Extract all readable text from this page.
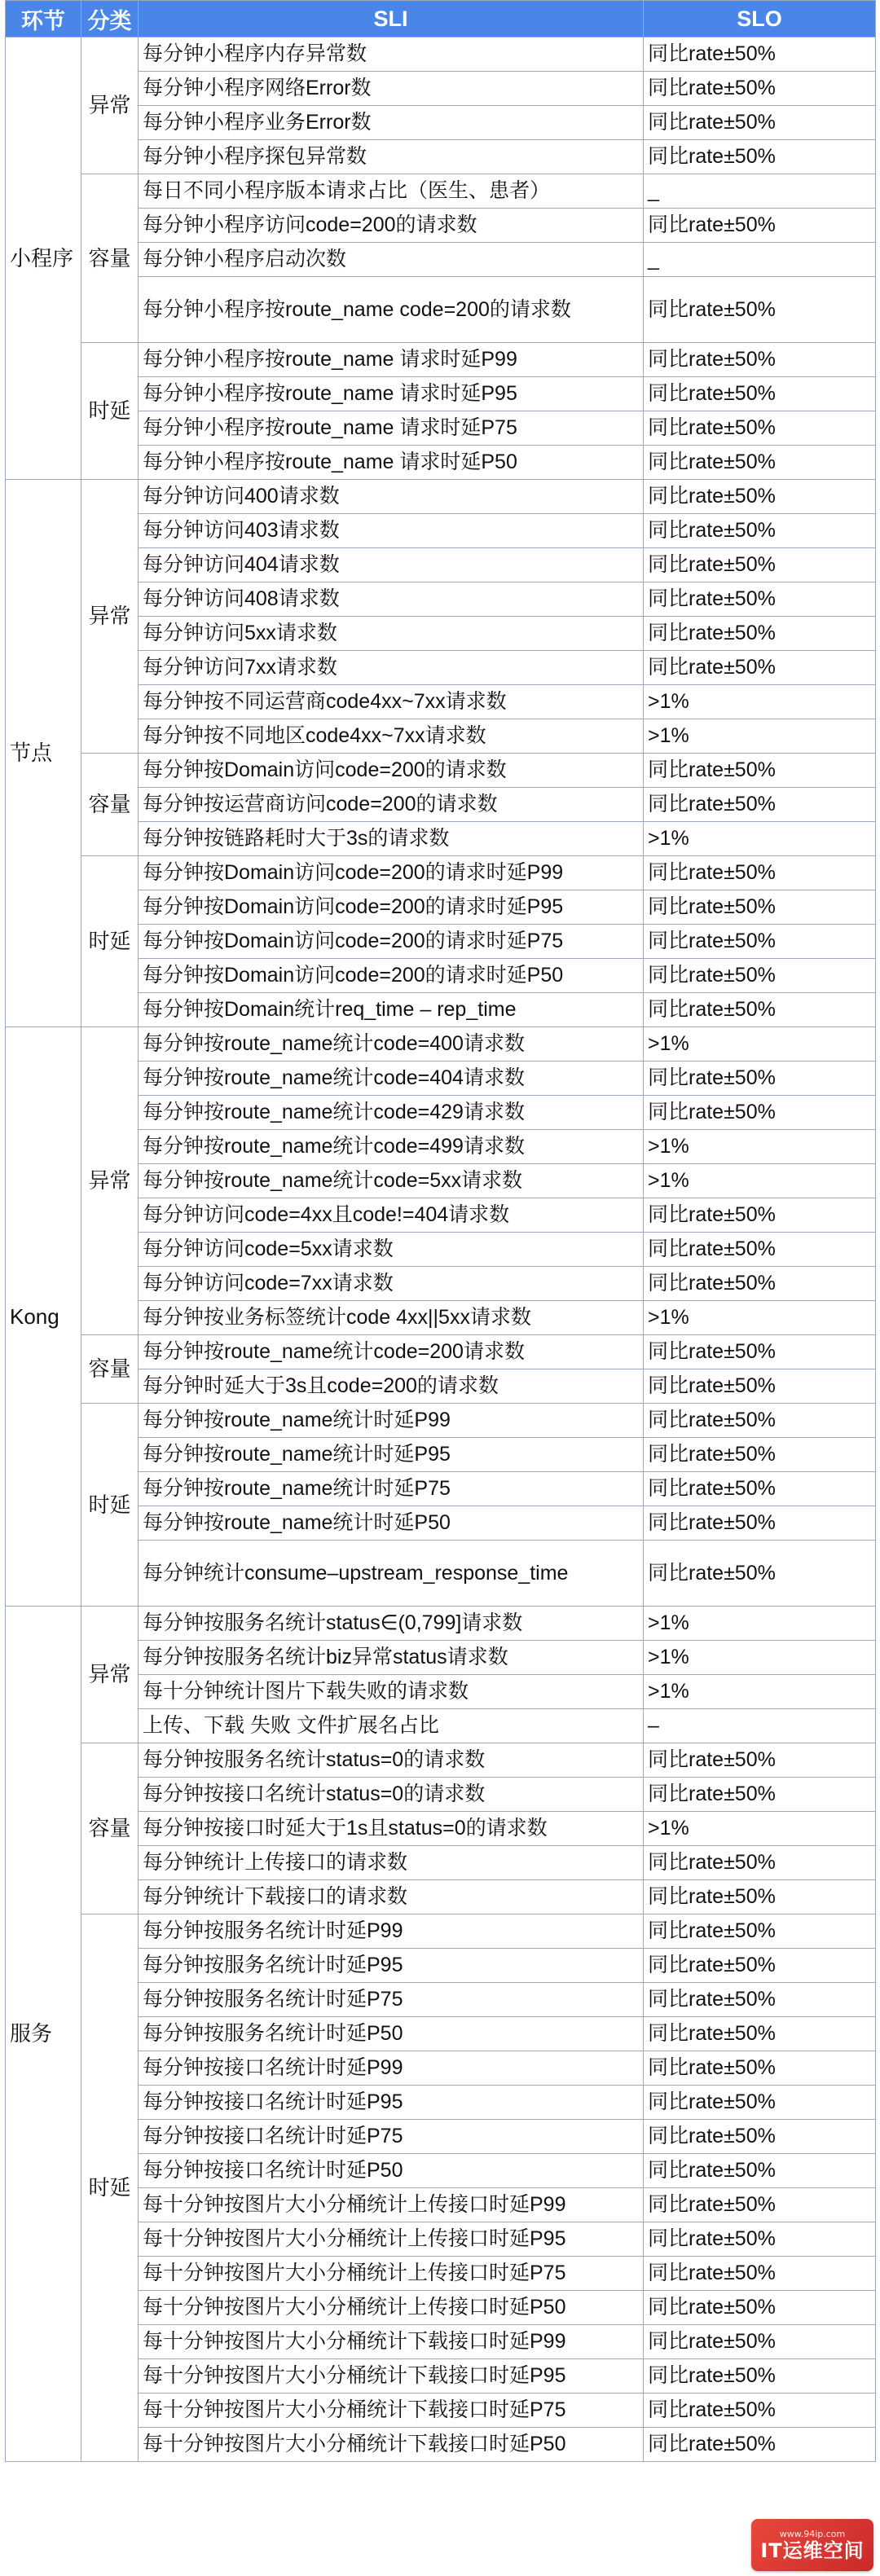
环节	分类	SLI	SLO
小程序	异常	每分钟小程序内存异常数	同比rate±50%
		每分钟小程序网络Error数	同比rate±50%
		每分钟小程序业务Error数	同比rate±50%
		每分钟小程序探包异常数	同比rate±50%
	容量	每日不同小程序版本请求占比（医生、患者）	_
		每分钟小程序访问code=200的请求数	同比rate±50%
		每分钟小程序启动次数	_
		每分钟小程序按route_name code=200的请求数	同比rate±50%
	时延	每分钟小程序按route_name 请求时延P99	同比rate±50%
		每分钟小程序按route_name 请求时延P95	同比rate±50%
		每分钟小程序按route_name 请求时延P75	同比rate±50%
		每分钟小程序按route_name 请求时延P50	同比rate±50%
节点	异常	每分钟访问400请求数	同比rate±50%
		每分钟访问403请求数	同比rate±50%
		每分钟访问404请求数	同比rate±50%
		每分钟访问408请求数	同比rate±50%
		每分钟访问5xx请求数	同比rate±50%
		每分钟访问7xx请求数	同比rate±50%
		每分钟按不同运营商code4xx~7xx请求数	>1%
		每分钟按不同地区code4xx~7xx请求数	>1%
	容量	每分钟按Domain访问code=200的请求数	同比rate±50%
		每分钟按运营商访问code=200的请求数	同比rate±50%
		每分钟按链路耗时大于3s的请求数	>1%
	时延	每分钟按Domain访问code=200的请求时延P99	同比rate±50%
		每分钟按Domain访问code=200的请求时延P95	同比rate±50%
		每分钟按Domain访问code=200的请求时延P75	同比rate±50%
		每分钟按Domain访问code=200的请求时延P50	同比rate±50%
		每分钟按Domain统计req_time – rep_time	同比rate±50%
Kong	异常	每分钟按route_name统计code=400请求数	>1%
		每分钟按route_name统计code=404请求数	同比rate±50%
		每分钟按route_name统计code=429请求数	同比rate±50%
		每分钟按route_name统计code=499请求数	>1%
		每分钟按route_name统计code=5xx请求数	>1%
		每分钟访问code=4xx且code!=404请求数	同比rate±50%
		每分钟访问code=5xx请求数	同比rate±50%
		每分钟访问code=7xx请求数	同比rate±50%
		每分钟按业务标签统计code 4xx||5xx请求数	>1%
	容量	每分钟按route_name统计code=200请求数	同比rate±50%
		每分钟时延大于3s且code=200的请求数	同比rate±50%
	时延	每分钟按route_name统计时延P99	同比rate±50%
		每分钟按route_name统计时延P95	同比rate±50%
		每分钟按route_name统计时延P75	同比rate±50%
		每分钟按route_name统计时延P50	同比rate±50%
		每分钟统计consume–upstream_response_time	同比rate±50%
服务	异常	每分钟按服务名统计status∈(0,799]请求数	>1%
		每分钟按服务名统计biz异常status请求数	>1%
		每十分钟统计图片下载失败的请求数	>1%
		上传、下载 失败 文件扩展名占比	–
	容量	每分钟按服务名统计status=0的请求数	同比rate±50%
		每分钟按接口名统计status=0的请求数	同比rate±50%
		每分钟按接口时延大于1s且status=0的请求数	>1%
		每分钟统计上传接口的请求数	同比rate±50%
		每分钟统计下载接口的请求数	同比rate±50%
	时延	每分钟按服务名统计时延P99	同比rate±50%
		每分钟按服务名统计时延P95	同比rate±50%
		每分钟按服务名统计时延P75	同比rate±50%
		每分钟按服务名统计时延P50	同比rate±50%
		每分钟按接口名统计时延P99	同比rate±50%
		每分钟按接口名统计时延P95	同比rate±50%
		每分钟按接口名统计时延P75	同比rate±50%
		每分钟按接口名统计时延P50	同比rate±50%
		每十分钟按图片大小分桶统计上传接口时延P99	同比rate±50%
		每十分钟按图片大小分桶统计上传接口时延P95	同比rate±50%
		每十分钟按图片大小分桶统计上传接口时延P75	同比rate±50%
		每十分钟按图片大小分桶统计上传接口时延P50	同比rate±50%
		每十分钟按图片大小分桶统计下载接口时延P99	同比rate±50%
		每十分钟按图片大小分桶统计下载接口时延P95	同比rate±50%
		每十分钟按图片大小分桶统计下载接口时延P75	同比rate±50%
		每十分钟按图片大小分桶统计下载接口时延P50	同比rate±50%
www.94ip.com
IT运维空间
